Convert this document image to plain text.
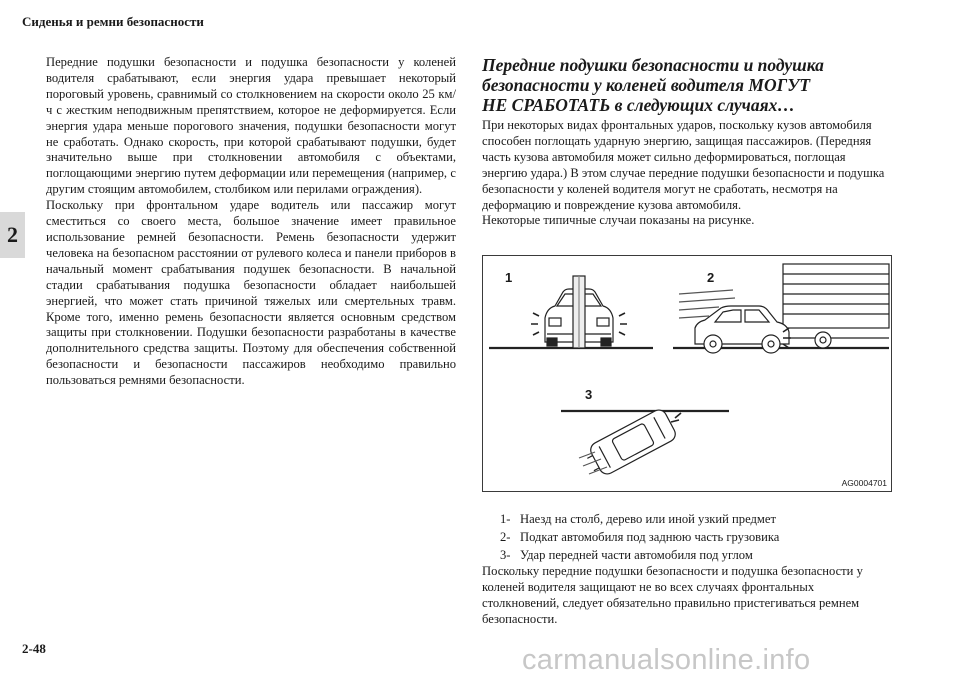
Сиденья и ремни безопасности
2

Передние подушки безопасности и подушка безопасности у коленей водителя срабатывают, если энергия удара превышает некоторый пороговый уровень, сравнимый со столкновением на скорости около 25 км/ч с жестким неподвижным препятствием, которое не деформируется. Если энергия удара меньше порогового значения, подушки безопасности могут не сработать. Однако скорость, при которой срабатывают подушки, будет значительно выше при столкновении автомобиля с объектами, поглощающими энергию путем деформации или перемещения (например, с другим стоящим автомобилем, столбиком или перилами ограждения).

Поскольку при фронтальном ударе водитель или пассажир могут сместиться со своего места, большое значение имеет правильное использование ремней безопасности. Ремень безопасности удержит человека на безопасном расстоянии от рулевого колеса и панели приборов в начальный момент срабатывания подушек безопасности. В начальной стадии срабатывания подушка безопасности обладает наибольшей энергией, что может стать причиной тяжелых или смертельных травм. Кроме того, именно ремень безопасности является основным средством защиты при столкновении. Подушки безопасности разработаны в качестве дополнительного средства защиты. Поэтому для обеспечения собственной безопасности и безопасности пассажиров необходимо правильно пользоваться ремнями безопасности.

Передние подушки безопасности и подушка
безопасности у коленей водителя МОГУТ
НЕ СРАБОТАТЬ в следующих случаях…

При некоторых видах фронтальных ударов, поскольку кузов автомобиля способен поглощать ударную энергию, защищая пассажиров. (Передняя часть кузова автомобиля может сильно деформироваться, поглощая энергию удара.) В этом случае передние подушки безопасности и подушка безопасности у коленей водителя могут не сработать, несмотря на деформацию и повреждение кузова автомобиля.

Некоторые типичные случаи показаны на рисунке.

1	2
3
AG0004701
1- Наезд на столб, дерево или иной узкий предмет
2- Подкат автомобиля под заднюю часть грузовика
3- Удар передней части автомобиля под углом
Поскольку передние подушки безопасности и подушка безопасности у коленей водителя защищают не во всех случаях фронтальных столкновений, следует обязательно правильно пристегиваться ремнем безопасности.
2-48	carmanualsonline.info
